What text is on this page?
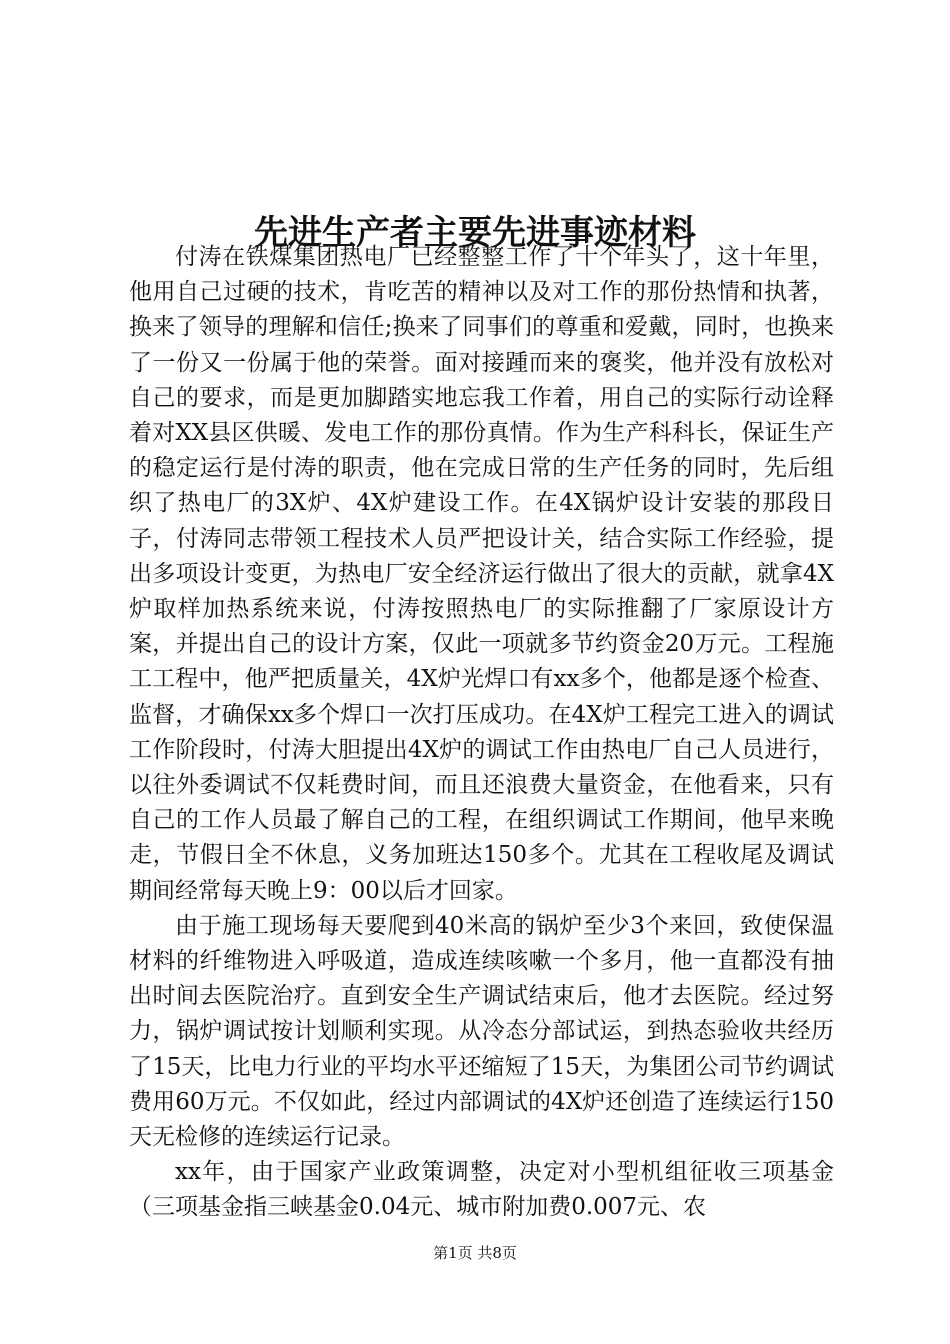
先进生产者主要先进事迹材料

付涛在铁煤集团热电厂已经整整工作了十个年头了，这十年里，他用自己过硬的技术，肯吃苦的精神以及对工作的那份热情和执著，换来了领导的理解和信任;换来了同事们的尊重和爱戴，同时，也换来了一份又一份属于他的荣誉。面对接踵而来的褒奖，他并没有放松对自己的要求，而是更加脚踏实地忘我工作着，用自己的实际行动诠释着对XX县区供暖、发电工作的那份真情。作为生产科科长，保证生产的稳定运行是付涛的职责，他在完成日常的生产任务的同时，先后组织了热电厂的3X炉、4X炉建设工作。在4X锅炉设计安装的那段日子，付涛同志带领工程技术人员严把设计关，结合实际工作经验，提出多项设计变更，为热电厂安全经济运行做出了很大的贡献，就拿4X炉取样加热系统来说，付涛按照热电厂的实际推翻了厂家原设计方案，并提出自己的设计方案，仅此一项就多节约资金20万元。工程施工工程中，他严把质量关，4X炉光焊口有xx多个，他都是逐个检查、监督，才确保xx多个焊口一次打压成功。在4X炉工程完工进入的调试工作阶段时，付涛大胆提出4X炉的调试工作由热电厂自己人员进行，以往外委调试不仅耗费时间，而且还浪费大量资金，在他看来，只有自己的工作人员最了解自己的工程，在组织调试工作期间，他早来晚走，节假日全不休息，义务加班达150多个。尤其在工程收尾及调试期间经常每天晚上9：00以后才回家。

由于施工现场每天要爬到40米高的锅炉至少3个来回，致使保温材料的纤维物进入呼吸道，造成连续咳嗽一个多月，他一直都没有抽出时间去医院治疗。直到安全生产调试结束后，他才去医院。经过努力，锅炉调试按计划顺利实现。从冷态分部试运，到热态验收共经历了15天，比电力行业的平均水平还缩短了15天，为集团公司节约调试费用60万元。不仅如此，经过内部调试的4X炉还创造了连续运行150天无检修的连续运行记录。

xx年，由于国家产业政策调整，决定对小型机组征收三项基金（三项基金指三峡基金0.04元、城市附加费0.007元、农

第1页 共8页
